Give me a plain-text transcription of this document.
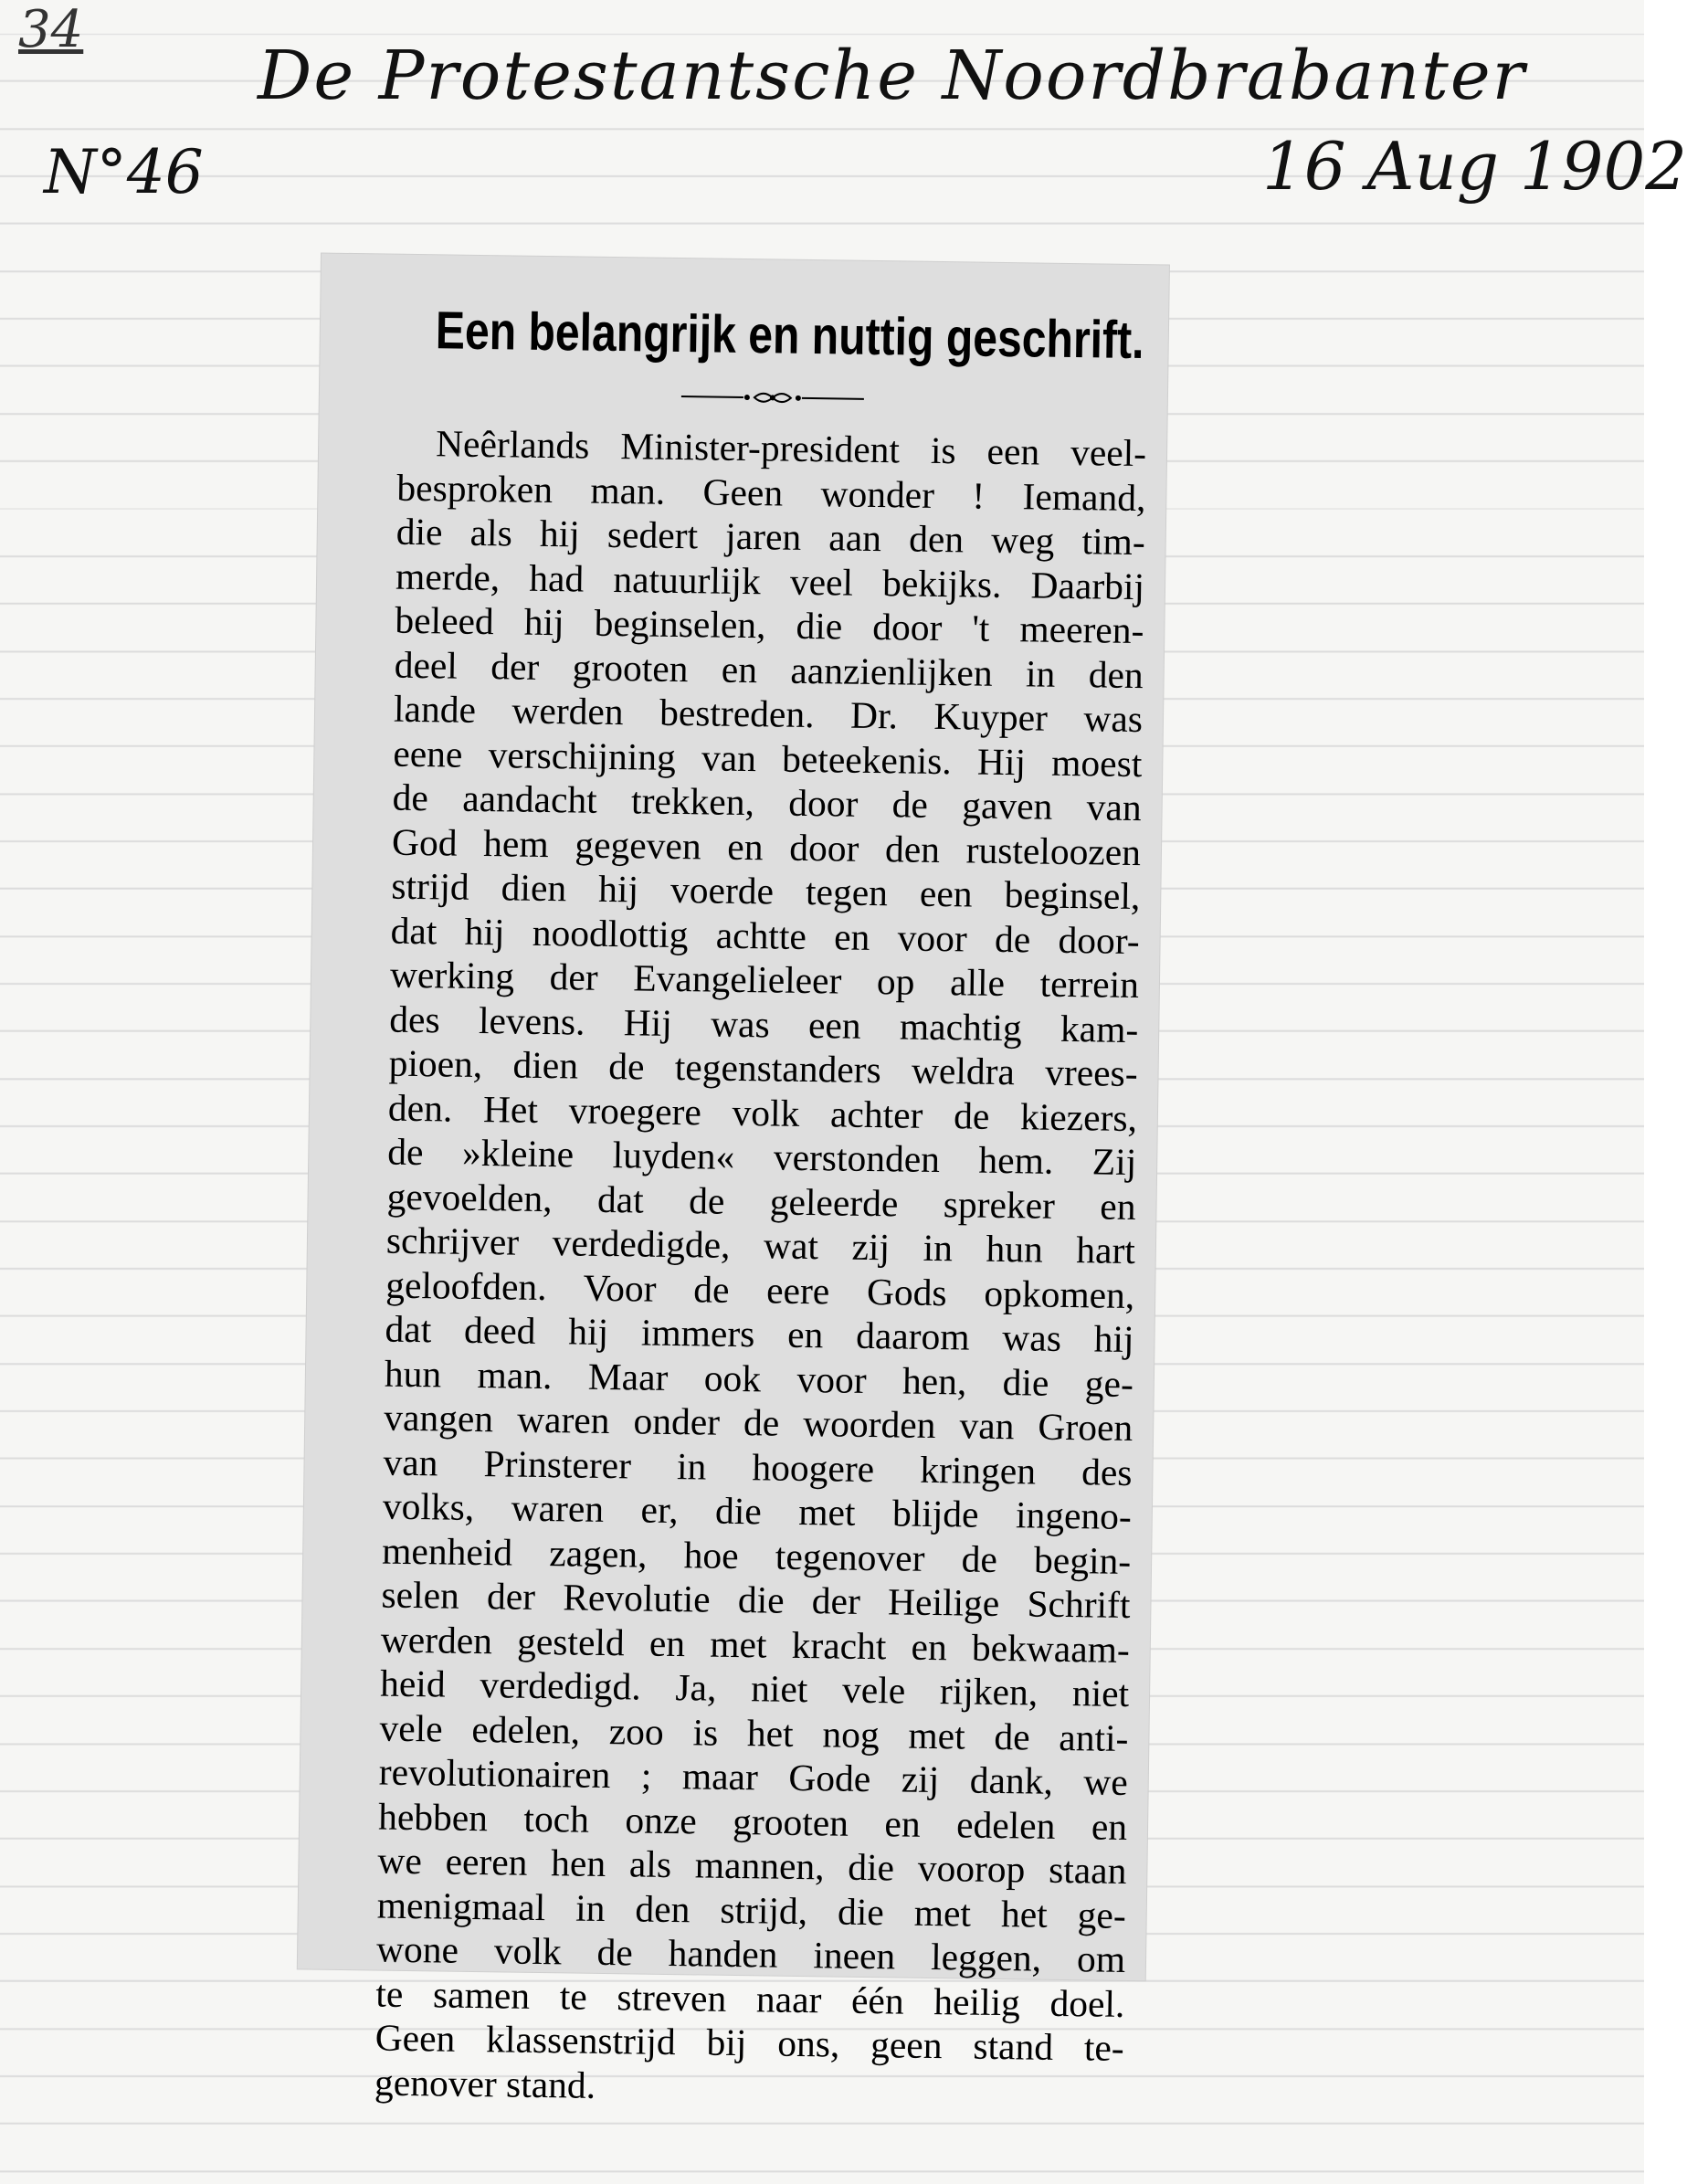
34
De Protestantsche Noordbrabanter
N°46	16 Aug 1902
Een belangrijk en nuttig geschrift.
Neêrlands Minister-president is een veel-
besproken man. Geen wonder ! Iemand,
die als hij sedert jaren aan den weg tim-
merde, had natuurlijk veel bekijks. Daarbij
beleed hij beginselen, die door 't meeren-
deel der grooten en aanzienlijken in den
lande werden bestreden. Dr. Kuyper was
eene verschijning van beteekenis. Hij moest
de aandacht trekken, door de gaven van
God hem gegeven en door den rusteloozen
strijd dien hij voerde tegen een beginsel,
dat hij noodlottig achtte en voor de door-
werking der Evangelieleer op alle terrein
des levens. Hij was een machtig kam-
pioen, dien de tegenstanders weldra vrees-
den. Het vroegere volk achter de kiezers,
de »kleine luyden« verstonden hem. Zij
gevoelden, dat de geleerde spreker en
schrijver verdedigde, wat zij in hun hart
geloofden. Voor de eere Gods opkomen,
dat deed hij immers en daarom was hij
hun man. Maar ook voor hen, die ge-
vangen waren onder de woorden van Groen
van Prinsterer in hoogere kringen des
volks, waren er, die met blijde ingeno-
menheid zagen, hoe tegenover de begin-
selen der Revolutie die der Heilige Schrift
werden gesteld en met kracht en bekwaam-
heid verdedigd. Ja, niet vele rijken, niet
vele edelen, zoo is het nog met de anti-
revolutionairen ; maar Gode zij dank, we
hebben toch onze grooten en edelen en
we eeren hen als mannen, die voorop staan
menigmaal in den strijd, die met het ge-
wone volk de handen ineen leggen, om
te samen te streven naar één heilig doel.
Geen klassenstrijd bij ons, geen stand te-
genover stand.
